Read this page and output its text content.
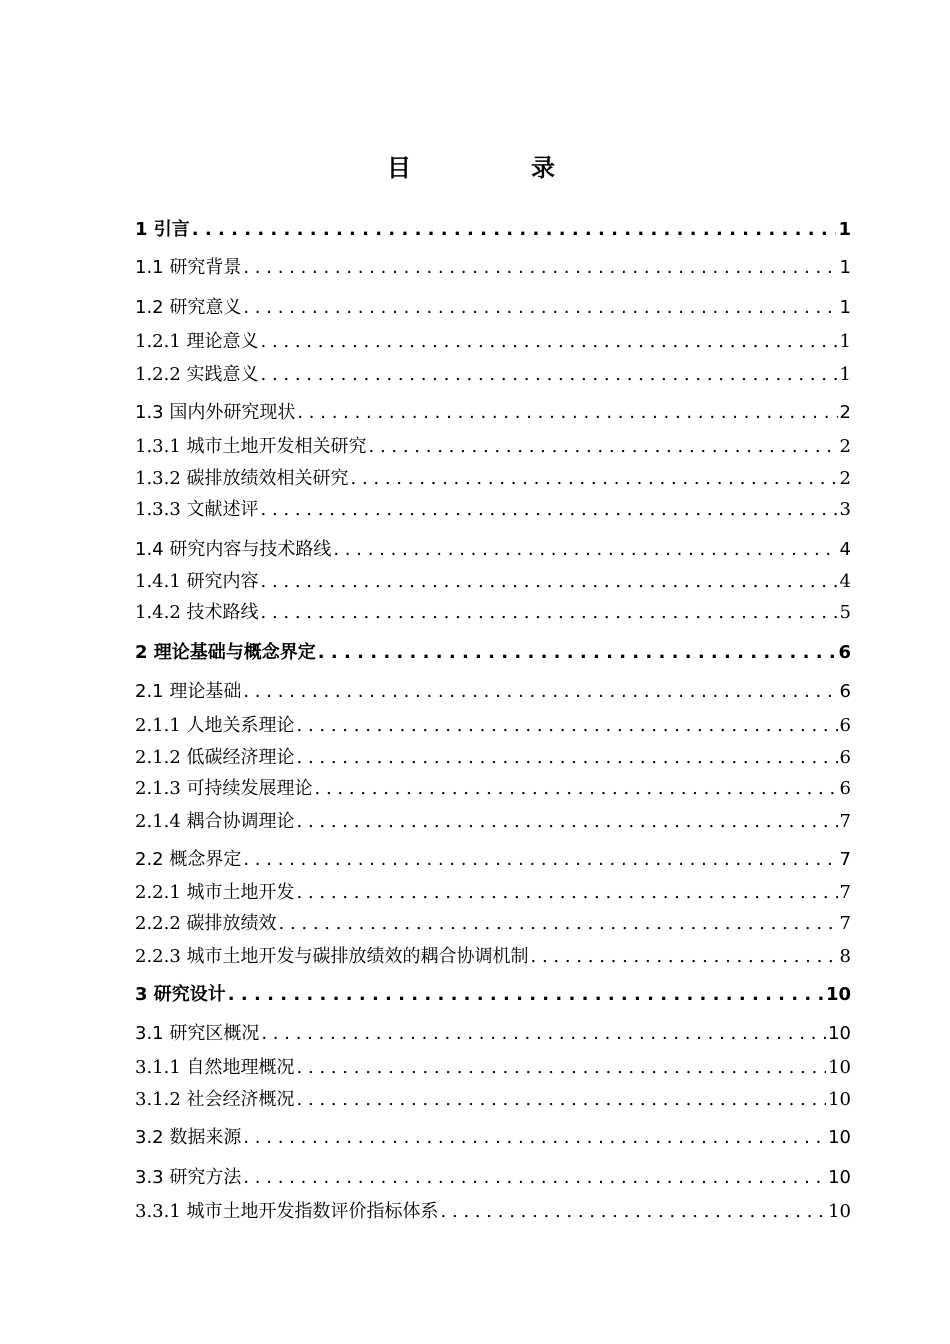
目　录
1 引言 . . .	1
1.1 研究背景 . . .	1
1.2 研究意义 . . .	1
1.2.1 理论意义 . . .	1
1.2.2 实践意义 . . .	1
1.3 国内外研究现状 . . .	2
1.3.1 城市土地开发相关研究 . . .	2
1.3.2 碳排放绩效相关研究 . . .	2
1.3.3 文献述评 . . .	3
1.4 研究内容与技术路线 . . .	4
1.4.1 研究内容 . . .	4
1.4.2 技术路线 . . .	5
2 理论基础与概念界定 . . .	6
2.1 理论基础 . . .	6
2.1.1 人地关系理论 . . .	6
2.1.2 低碳经济理论 . . .	6
2.1.3 可持续发展理论 . . .	6
2.1.4 耦合协调理论 . . .	7
2.2 概念界定 . . .	7
2.2.1 城市土地开发 . . .	7
2.2.2 碳排放绩效 . . .	7
2.2.3 城市土地开发与碳排放绩效的耦合协调机制 . . .	8
3 研究设计 . . .	10
3.1 研究区概况 . . .	10
3.1.1 自然地理概况 . . .	10
3.1.2 社会经济概况 . . .	10
3.2 数据来源 . . .	10
3.3 研究方法 . . .	10
3.3.1 城市土地开发指数评价指标体系 . . .	10
